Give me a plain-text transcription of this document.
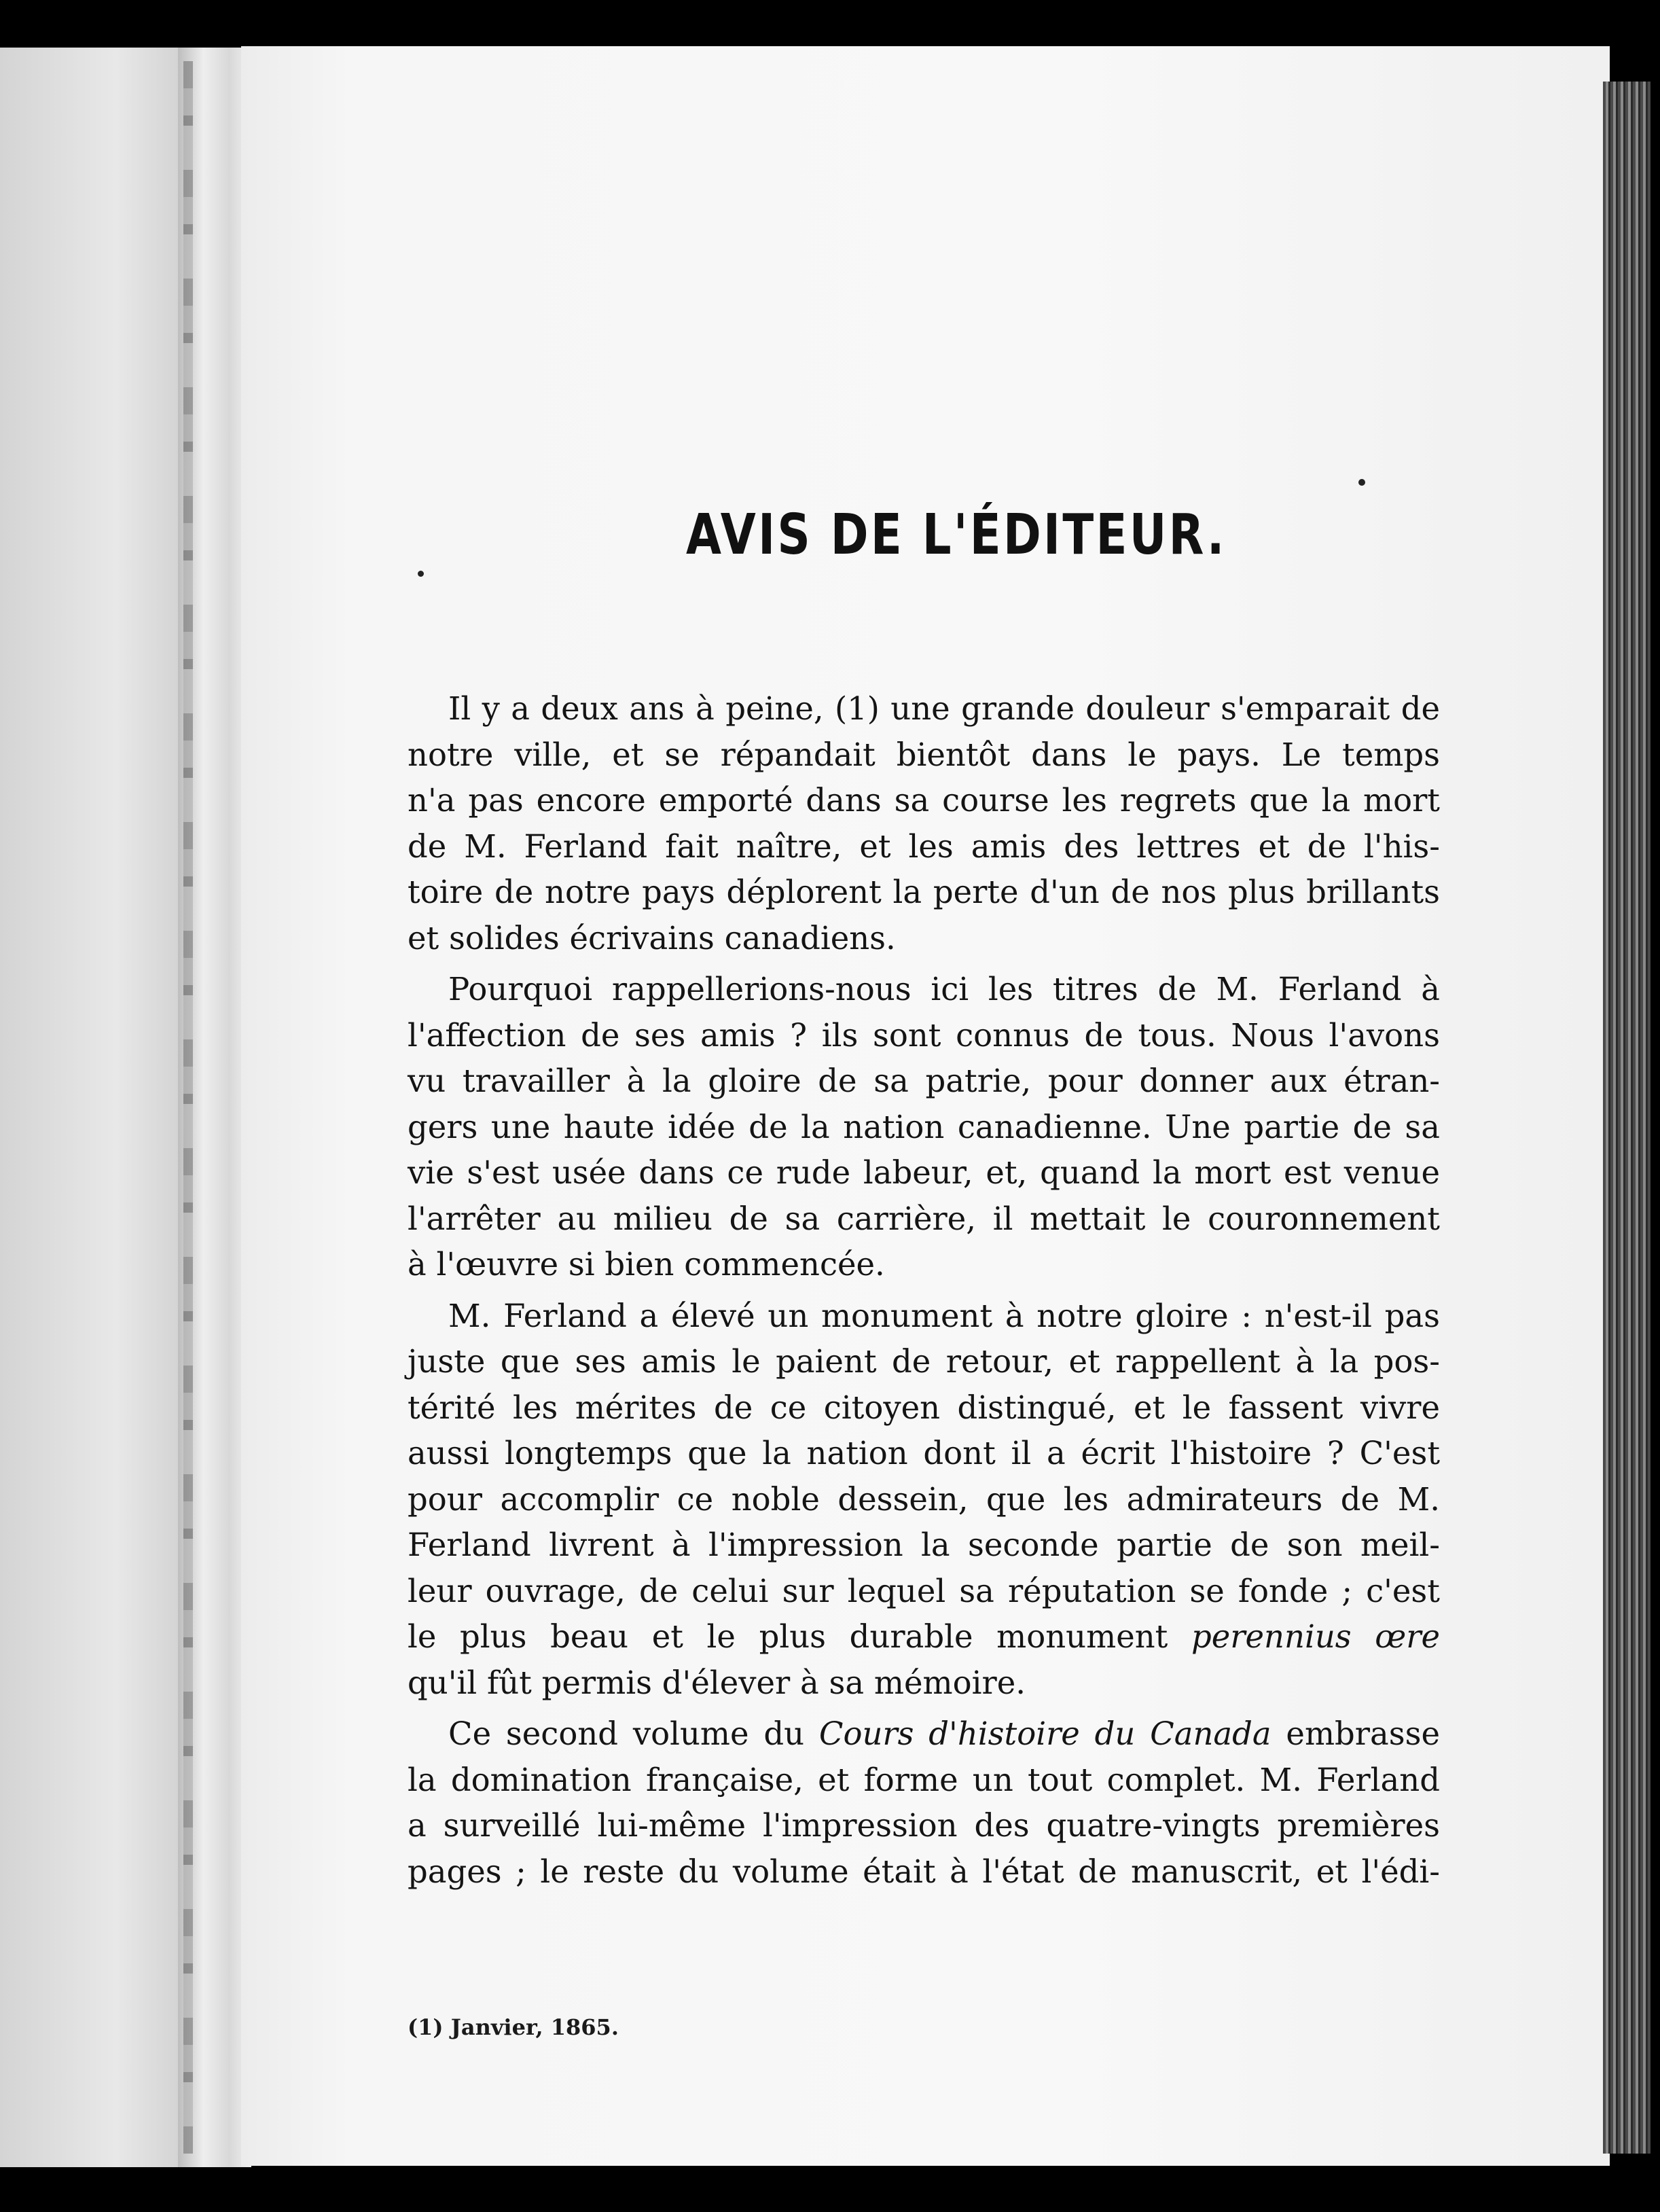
AVIS DE L'ÉDITEUR.

Il y a deux ans à peine, (1) une grande douleur s'emparait de
notre ville, et se répandait bientôt dans le pays. Le temps
n'a pas encore emporté dans sa course les regrets que la mort
de M. Ferland fait naître, et les amis des lettres et de l'his-
toire de notre pays déplorent la perte d'un de nos plus brillants
et solides écrivains canadiens.

Pourquoi rappellerions-nous ici les titres de M. Ferland à
l'affection de ses amis ? ils sont connus de tous. Nous l'avons
vu travailler à la gloire de sa patrie, pour donner aux étran-
gers une haute idée de la nation canadienne. Une partie de sa
vie s'est usée dans ce rude labeur, et, quand la mort est venue
l'arrêter au milieu de sa carrière, il mettait le couronnement
à l'œuvre si bien commencée.

M. Ferland a élevé un monument à notre gloire : n'est-il pas
juste que ses amis le paient de retour, et rappellent à la pos-
térité les mérites de ce citoyen distingué, et le fassent vivre
aussi longtemps que la nation dont il a écrit l'histoire ? C'est
pour accomplir ce noble dessein, que les admirateurs de M.
Ferland livrent à l'impression la seconde partie de son meil-
leur ouvrage, de celui sur lequel sa réputation se fonde ; c'est
le plus beau et le plus durable monument perennius œre
qu'il fût permis d'élever à sa mémoire.

Ce second volume du Cours d'histoire du Canada embrasse
la domination française, et forme un tout complet. M. Ferland
a surveillé lui-même l'impression des quatre-vingts premières
pages ; le reste du volume était à l'état de manuscrit, et l'édi-

(1) Janvier, 1865.
